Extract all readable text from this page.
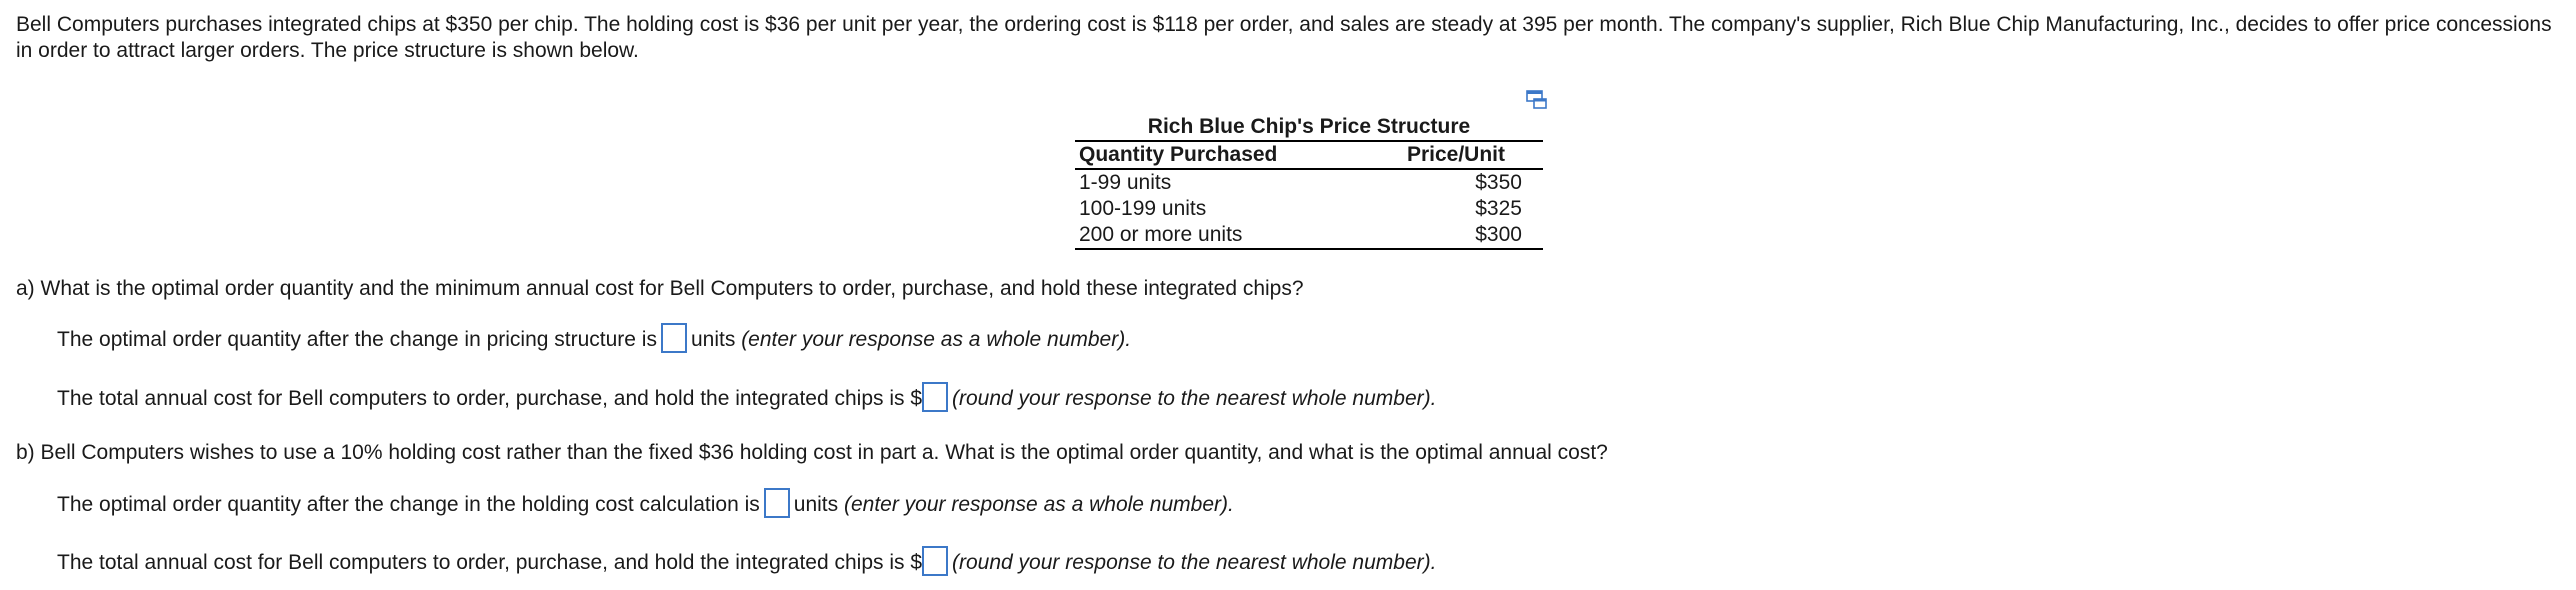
Bell Computers purchases integrated chips at $350 per chip. The holding cost is $36 per unit per year, the ordering cost is $118 per order, and sales are steady at 395 per month. The company's supplier, Rich Blue Chip Manufacturing, Inc., decides to offer price concessions in order to attract larger orders. The price structure is shown below.

Rich Blue Chip's Price Structure
Quantity Purchased	Price/Unit
1-99 units	$350
100-199 units	$325
200 or more units	$300

a) What is the optimal order quantity and the minimum annual cost for Bell Computers to order, purchase, and hold these integrated chips?

The optimal order quantity after the change in pricing structure is units (enter your response as a whole number).

The total annual cost for Bell computers to order, purchase, and hold the integrated chips is $ (round your response to the nearest whole number).

b) Bell Computers wishes to use a 10% holding cost rather than the fixed $36 holding cost in part a. What is the optimal order quantity, and what is the optimal annual cost?

The optimal order quantity after the change in the holding cost calculation is units (enter your response as a whole number).

The total annual cost for Bell computers to order, purchase, and hold the integrated chips is $ (round your response to the nearest whole number).
